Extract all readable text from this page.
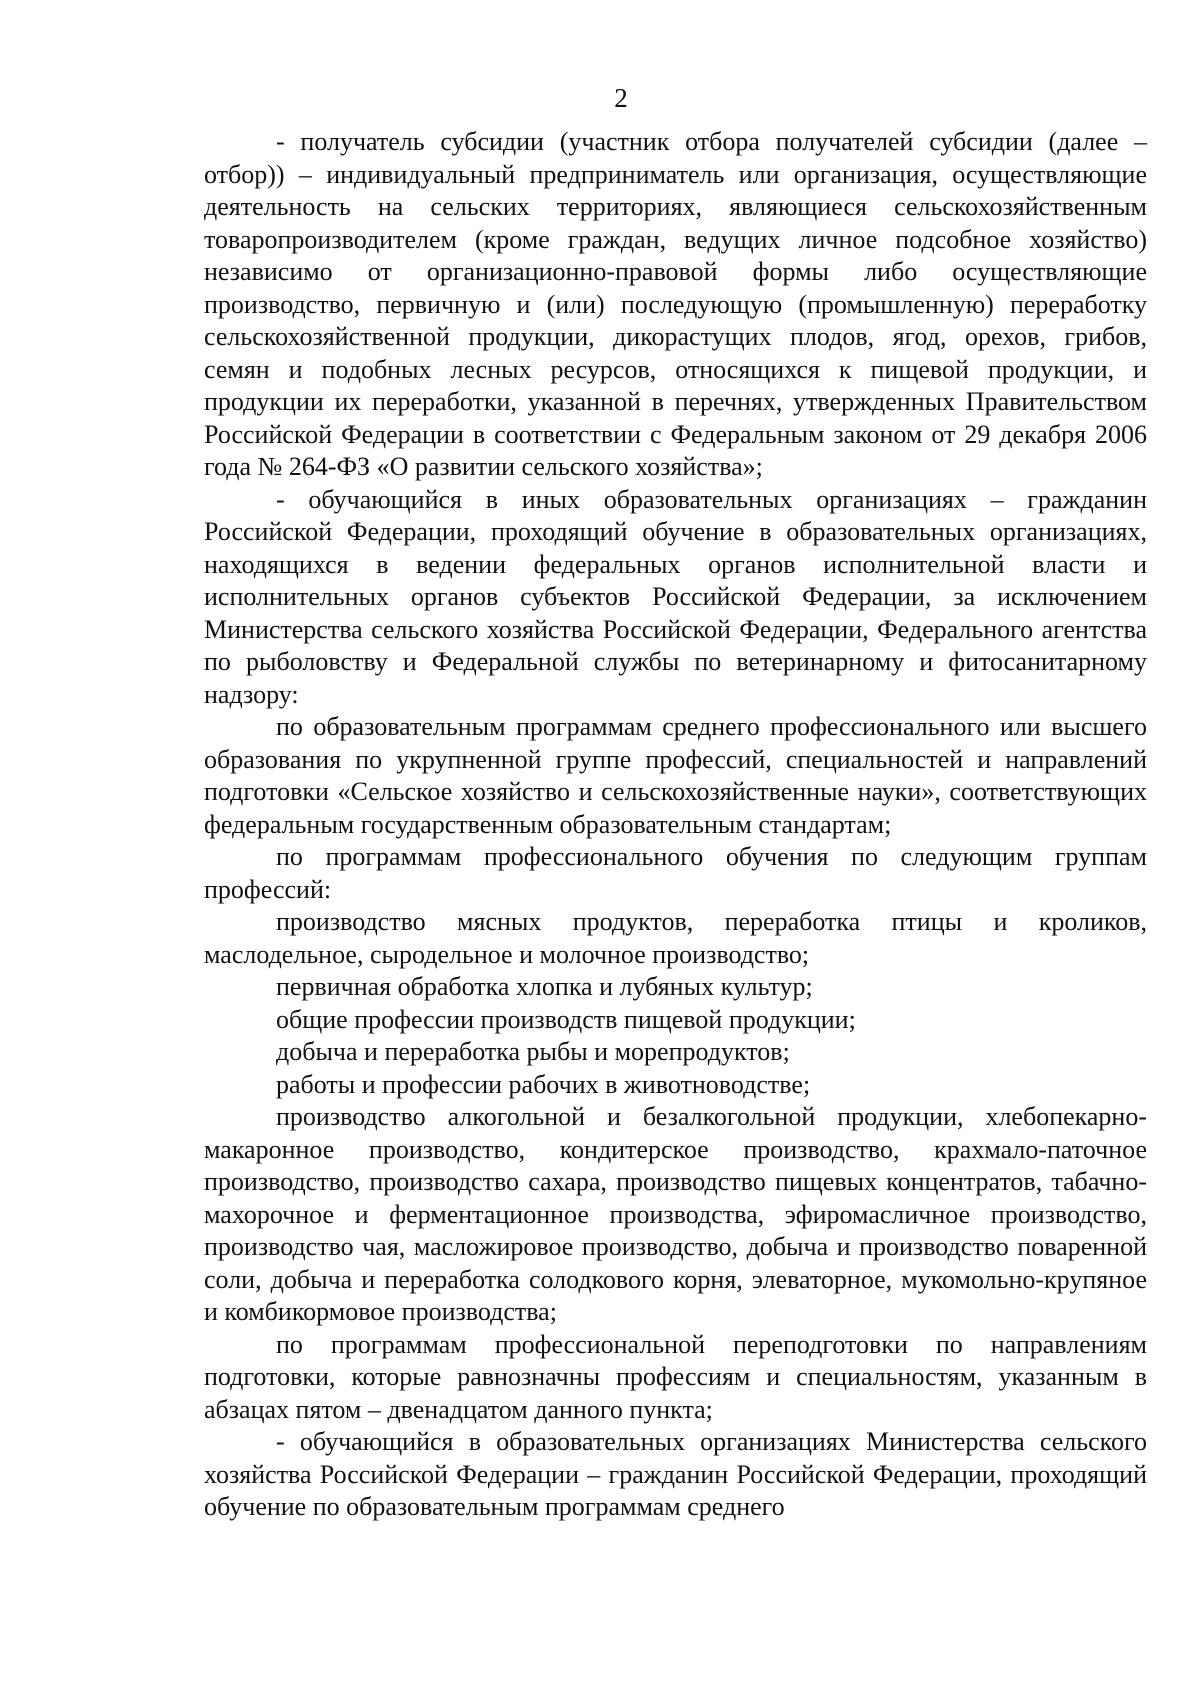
2

- получатель субсидии (участник отбора получателей субсидии (далее – отбор)) – индивидуальный предприниматель или организация, осуществляющие деятельность на сельских территориях, являющиеся сельскохозяйственным товаропроизводителем (кроме граждан, ведущих личное подсобное хозяйство) независимо от организационно-правовой формы либо осуществляющие производство, первичную и (или) последующую (промышленную) переработку сельскохозяйственной продукции, дикорастущих плодов, ягод, орехов, грибов, семян и подобных лесных ресурсов, относящихся к пищевой продукции, и продукции их переработки, указанной в перечнях, утвержденных Правительством Российской Федерации в соответствии с Федеральным законом от 29 декабря 2006 года № 264-ФЗ «О развитии сельского хозяйства»;

- обучающийся в иных образовательных организациях – гражданин Российской Федерации, проходящий обучение в образовательных организациях, находящихся в ведении федеральных органов исполнительной власти и исполнительных органов субъектов Российской Федерации, за исключением Министерства сельского хозяйства Российской Федерации, Федерального агентства по рыболовству и Федеральной службы по ветеринарному и фитосанитарному надзору:

по образовательным программам среднего профессионального или высшего образования по укрупненной группе профессий, специальностей и направлений подготовки «Сельское хозяйство и сельскохозяйственные науки», соответствующих федеральным государственным образовательным стандартам;

по программам профессионального обучения по следующим группам профессий:

производство мясных продуктов, переработка птицы и кроликов, маслодельное, сыродельное и молочное производство;

первичная обработка хлопка и лубяных культур;

общие профессии производств пищевой продукции;

добыча и переработка рыбы и морепродуктов;

работы и профессии рабочих в животноводстве;

производство алкогольной и безалкогольной продукции, хлебопекарно-макаронное производство, кондитерское производство, крахмало-паточное производство, производство сахара, производство пищевых концентратов, табачно-махорочное и ферментационное производства, эфиромасличное производство, производство чая, масложировое производство, добыча и производство поваренной соли, добыча и переработка солодкового корня, элеваторное, мукомольно-крупяное и комбикормовое производства;

по программам профессиональной переподготовки по направлениям подготовки, которые равнозначны профессиям и специальностям, указанным в абзацах пятом – двенадцатом данного пункта;

- обучающийся в образовательных организациях Министерства сельского хозяйства Российской Федерации – гражданин Российской Федерации, проходящий обучение по образовательным программам среднего
